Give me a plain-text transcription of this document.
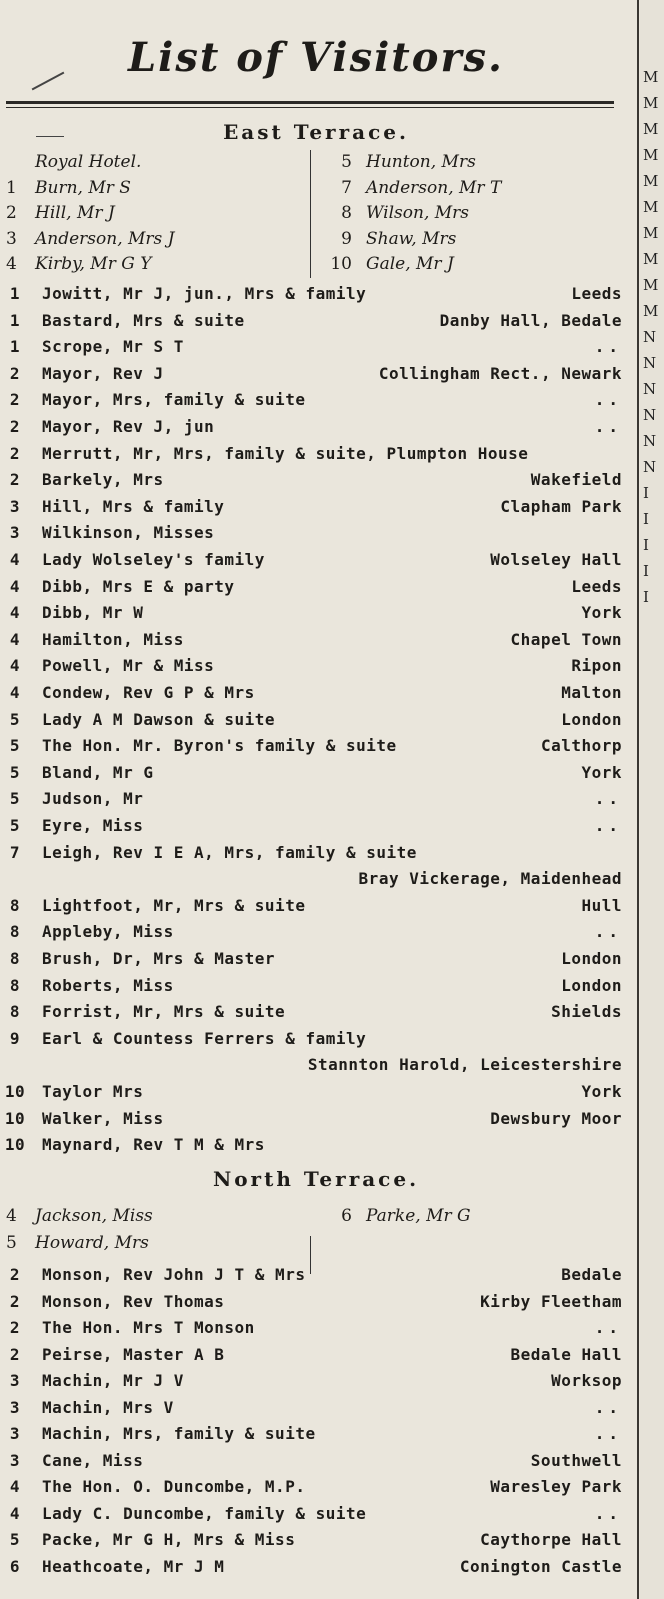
List of Visitors.
East Terrace.
Royal Hotel.	5 Hunton, Mrs
1	Burn, Mr S	7 Anderson, Mr T
2	Hill, Mr J	8 Wilson, Mrs
3	Anderson, Mrs J	9 Shaw, Mrs
4	Kirby, Mr G Y	10 Gale, Mr J
1	Jowitt, Mr J, jun., Mrs & family	Leeds
1	Bastard, Mrs & suite	Danby Hall, Bedale
1	Scrope, Mr S T	..
2	Mayor, Rev J	Collingham Rect., Newark
2	Mayor, Mrs, family & suite	..
2	Mayor, Rev J, jun	..
2	Merrutt, Mr, Mrs, family & suite, Plumpton House
2	Barkely, Mrs	Wakefield
3	Hill, Mrs & family	Clapham Park
3	Wilkinson, Misses
4	Lady Wolseley's family	Wolseley Hall
4	Dibb, Mrs E & party	Leeds
4	Dibb, Mr W	York
4	Hamilton, Miss	Chapel Town
4	Powell, Mr & Miss	Ripon
4	Condew, Rev G P & Mrs	Malton
5	Lady A M Dawson & suite	London
5	The Hon. Mr. Byron's family & suite	Calthorp
5	Bland, Mr G	York
5	Judson, Mr	..
5	Eyre, Miss	..
7	Leigh, Rev I E A, Mrs, family & suite
Bray Vickerage, Maidenhead
8	Lightfoot, Mr, Mrs & suite	Hull
8	Appleby, Miss	..
8	Brush, Dr, Mrs & Master	London
8	Roberts, Miss	London
8	Forrist, Mr, Mrs & suite	Shields
9	Earl & Countess Ferrers & family
Stannton Harold, Leicestershire
10 Taylor Mrs	York
10 Walker, Miss	Dewsbury Moor
10 Maynard, Rev T M & Mrs
North Terrace.
4	Jackson, Miss	6 Parke, Mr G
5	Howard, Mrs
2	Monson, Rev John J T & Mrs	Bedale
2	Monson, Rev Thomas	Kirby Fleetham
2	The Hon. Mrs T Monson	..
2	Peirse, Master A B	Bedale Hall
3	Machin, Mr J V	Worksop
3	Machin, Mrs V	..
3	Machin, Mrs, family & suite	..
3	Cane, Miss	Southwell
4	The Hon. O. Duncombe, M.P.	Waresley Park
4	Lady C. Duncombe, family & suite	..
5	Packe, Mr G H, Mrs & Miss	Caythorpe Hall
6	Heathcoate, Mr J M	Conington Castle
M
M
M
M
M
M
M
M
M
M
N
N
N
N
N
N
I
I
I
I
I
